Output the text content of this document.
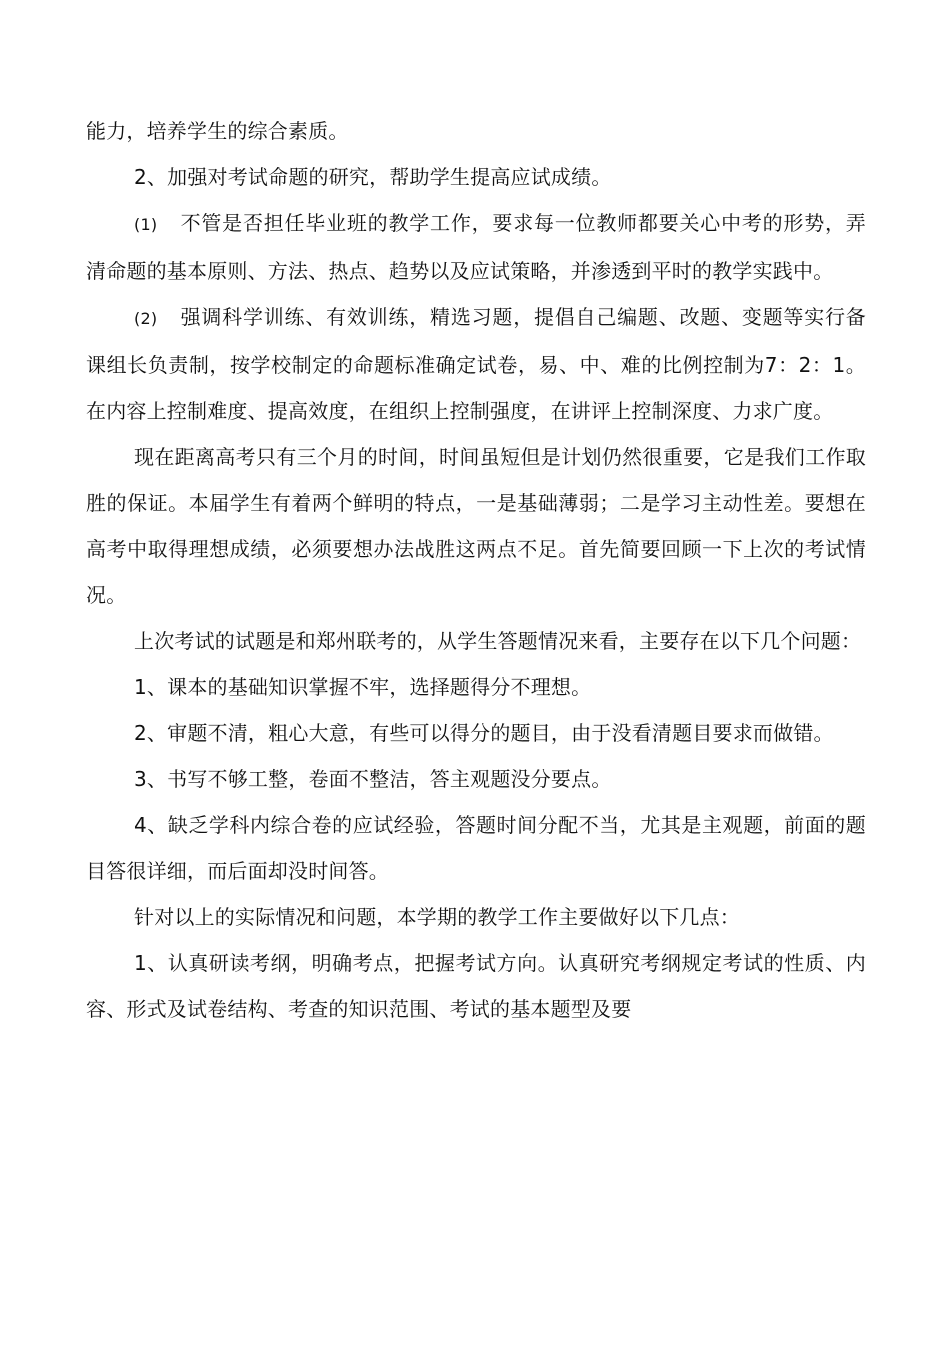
能力，培养学生的综合素质。

2、加强对考试命题的研究，帮助学生提高应试成绩。

(1) 不管是否担任毕业班的教学工作，要求每一位教师都要关心中考的形势，弄清命题的基本原则、方法、热点、趋势以及应试策略，并渗透到平时的教学实践中。

(2) 强调科学训练、有效训练，精选习题，提倡自己编题、改题、变题等实行备课组长负责制，按学校制定的命题标准确定试卷，易、中、难的比例控制为7：2：1。在内容上控制难度、提高效度，在组织上控制强度，在讲评上控制深度、力求广度。

现在距离高考只有三个月的时间，时间虽短但是计划仍然很重要，它是我们工作取胜的保证。本届学生有着两个鲜明的特点，一是基础薄弱；二是学习主动性差。要想在高考中取得理想成绩，必须要想办法战胜这两点不足。首先简要回顾一下上次的考试情况。

上次考试的试题是和郑州联考的，从学生答题情况来看，主要存在以下几个问题：

1、课本的基础知识掌握不牢，选择题得分不理想。

2、审题不清，粗心大意，有些可以得分的题目，由于没看清题目要求而做错。

3、书写不够工整，卷面不整洁，答主观题没分要点。

4、缺乏学科内综合卷的应试经验，答题时间分配不当，尤其是主观题，前面的题目答很详细，而后面却没时间答。

针对以上的实际情况和问题，本学期的教学工作主要做好以下几点：

1、认真研读考纲，明确考点，把握考试方向。认真研究考纲规定考试的性质、内容、形式及试卷结构、考查的知识范围、考试的基本题型及要
